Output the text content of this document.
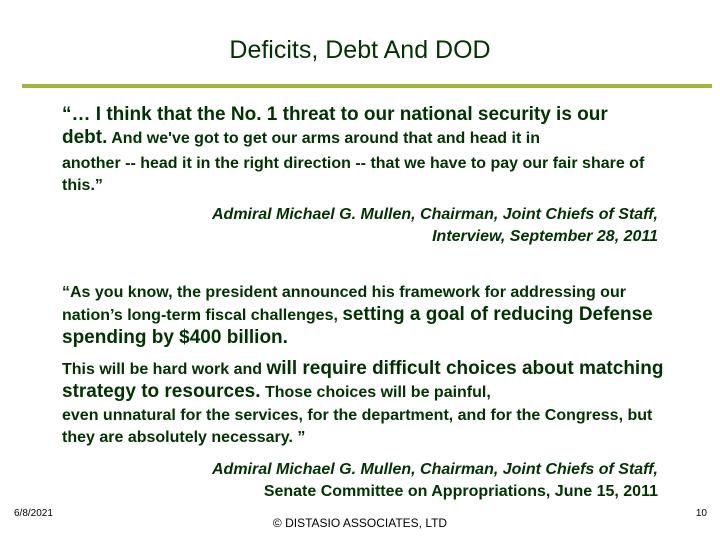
Deficits, Debt And DOD
“… I think that the No. 1 threat to our national security is our
debt. And we've got to get our arms around that and head it in
another -- head it in the right direction -- that we have to pay our fair share of this.”
Admiral Michael G. Mullen, Chairman, Joint Chiefs of Staff,
Interview, September 28, 2011
“As you know, the president announced his framework for addressing our nation’s long-term fiscal challenges, setting a goal of reducing Defense spending by $400 billion.
This will be hard work and will require difficult choices about matching strategy to resources. Those choices will be painful,
even unnatural for the services, for the department, and for the Congress, but they are absolutely necessary. ”
Admiral Michael G. Mullen, Chairman, Joint Chiefs of Staff,
Senate Committee on Appropriations, June 15, 2011
6/8/2021
© DISTASIO ASSOCIATES, LTD
10
